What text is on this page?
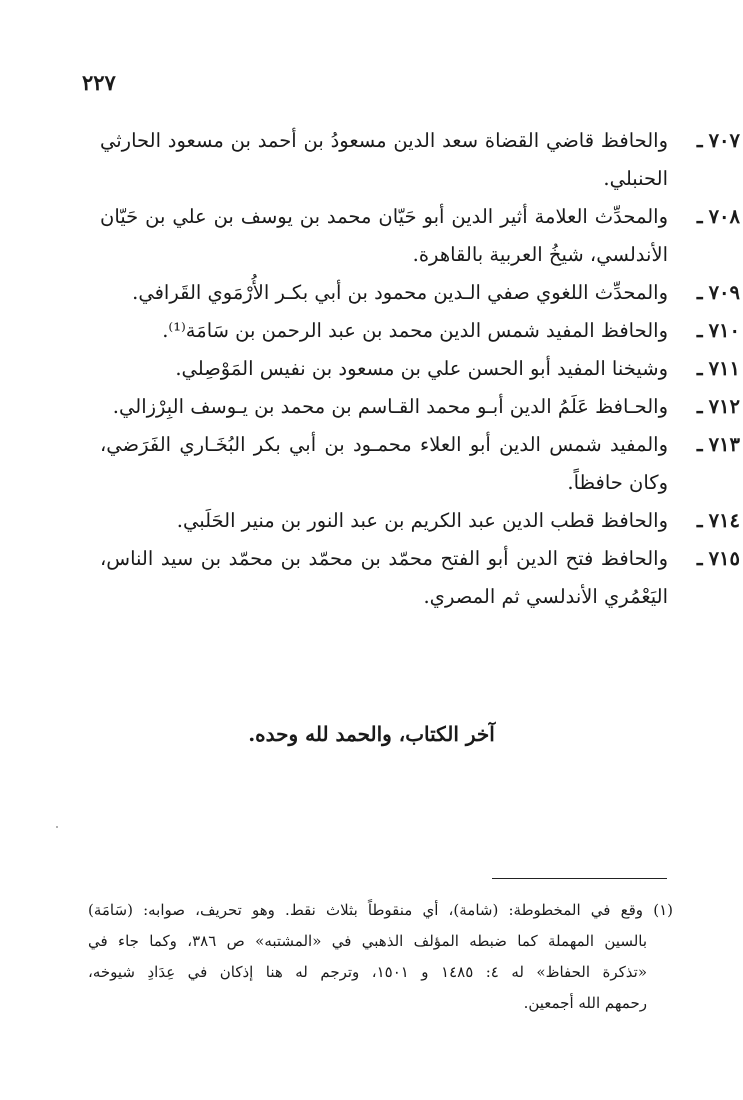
٢٢٧
٧٠٧ـ
والحافظ قاضي القضاة سعد الدين مسعودُ بن أحمد بن مسعود الحارثي الحنبلي.
٧٠٨ـ
والمحدِّث العلامة أثير الدين أبو حَيّان محمد بن يوسف بن علي بن حَيّان الأندلسي، شيخُ العربية بالقاهرة.
٧٠٩ـ
والمحدِّث اللغوي صفي الـدين محمود بن أبي بكـر الأُرْمَوي القَرافي.
٧١٠ـ
والحافظ المفيد شمس الدين محمد بن عبد الرحمن بن سَامَة⁽¹⁾.
٧١١ـ
وشيخنا المفيد أبو الحسن علي بن مسعود بن نفيس المَوْصِلي.
٧١٢ـ
والحـافظ عَلَمُ الدين أبـو محمد القـاسم بن محمد بن يـوسف البِرْزالي.
٧١٣ـ
والمفيد شمس الدين أبو العلاء محمـود بن أبي بكر البُخَـاري الفَرَضي، وكان حافظاً.
٧١٤ـ
والحافظ قطب الدين عبد الكريم بن عبد النور بن منير الحَلَبي.
٧١٥ـ
والحافظ فتح الدين أبو الفتح محمّد بن محمّد بن محمّد بن سيد الناس، اليَعْمُري الأندلسي ثم المصري.
آخر الكتاب، والحمد لله وحده.
(١) وقع في المخطوطة: (شامة)، أي منقوطاً بثلاث نقط. وهو تحريف، صوابه: (سَامَة)
بالسين المهملة كما ضبطه المؤلف الذهبي في «المشتبه» ص ٣٨٦، وكما جاء في
«تذكرة الحفاظ» له ٤: ١٤٨٥ و ١٥٠١، وترجم له هنا إذكان في عِدَادِ شيوخه،
رحمهم الله أجمعين.
